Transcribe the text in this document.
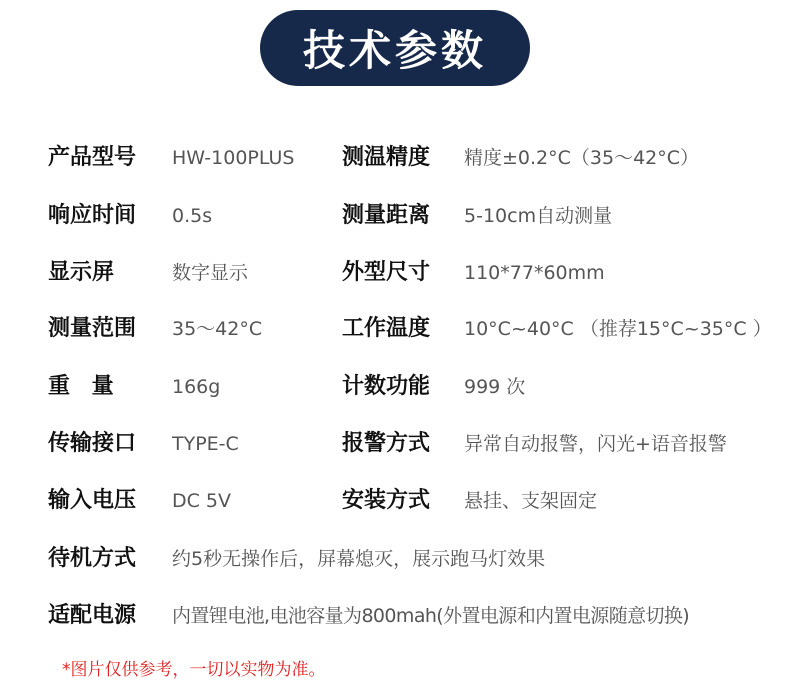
技术参数
产品型号 HW-100PLUS 测温精度 精度±0.2°C（35～42°C）
响应时间 0.5s	测量距离 5-10cm自动测量
显示屏	数字显示	外型尺寸 110*77*60mm
测量范围 35～42°C	工作温度 10°C~40°C （推荐15°C~35°C ）
重 量	166g	计数功能 999 次
传输接口 TYPE-C	报警方式 异常自动报警，闪光+语音报警
输入电压 DC 5V	安装方式 悬挂、支架固定
待机方式 约5秒无操作后，屏幕熄灭，展示跑马灯效果
适配电源 内置锂电池,电池容量为800mah(外置电源和内置电源随意切换)
*图片仅供参考，一切以实物为准。
